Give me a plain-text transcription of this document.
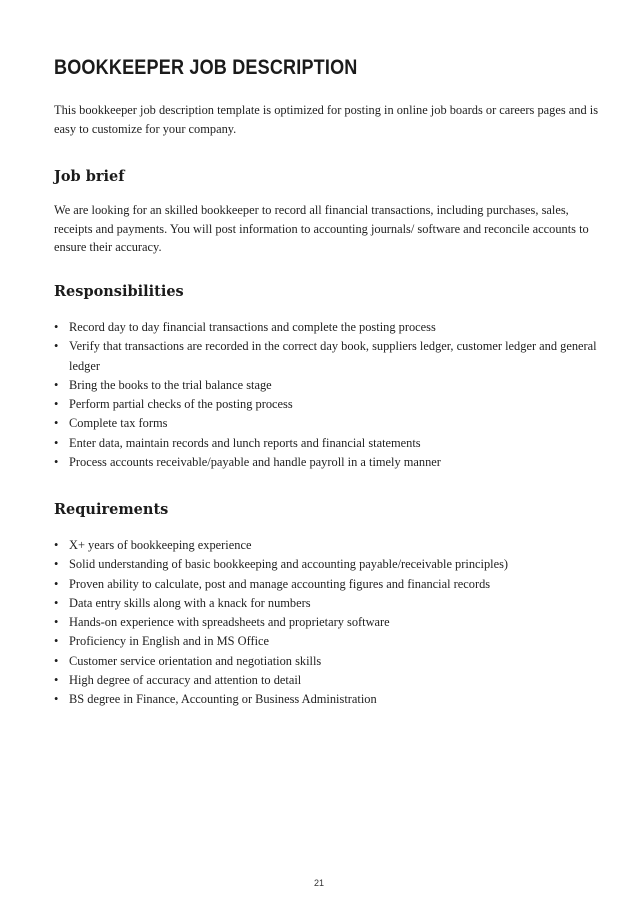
BOOKKEEPER JOB DESCRIPTION

This bookkeeper job description template is optimized for posting in online job boards or careers pages and is easy to customize for your company.

Job brief

We are looking for an skilled bookkeeper to record all financial transactions, including purchases, sales, receipts and payments. You will post information to accounting journals/ software and reconcile accounts to ensure their accuracy.

Responsibilities
• Record day to day financial transactions and complete the posting process
• Verify that transactions are recorded in the correct day book, suppliers ledger, customer ledger and general ledger
• Bring the books to the trial balance stage
• Perform partial checks of the posting process
• Complete tax forms
• Enter data, maintain records and lunch reports and financial statements
• Process accounts receivable/payable and handle payroll in a timely manner
Requirements
• X+ years of bookkeeping experience
• Solid understanding of basic bookkeeping and accounting payable/receivable principles)
• Proven ability to calculate, post and manage accounting figures and financial records
• Data entry skills along with a knack for numbers
• Hands-on experience with spreadsheets and proprietary software
• Proficiency in English and in MS Office
• Customer service orientation and negotiation skills
• High degree of accuracy and attention to detail
• BS degree in Finance, Accounting or Business Administration
21
